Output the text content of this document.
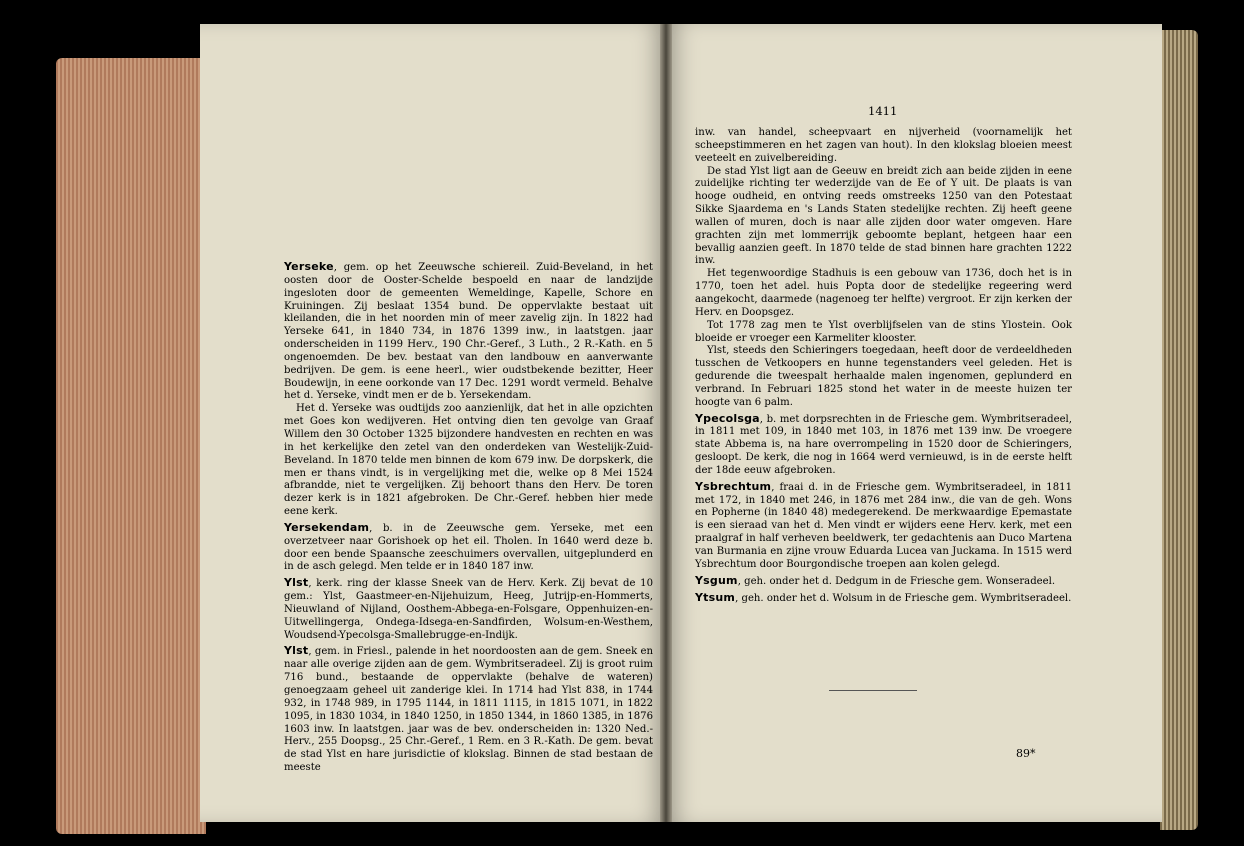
1411

Yerseke, gem. op het Zeeuwsche schiereil. Zuid-Beveland, in het oosten door de Ooster-Schelde bespoeld en naar de landzijde ingesloten door de gemeenten Wemeldinge, Kapelle, Schore en Kruiningen. Zij beslaat 1354 bund. De oppervlakte bestaat uit kleilanden, die in het noorden min of meer zavelig zijn. In 1822 had Yerseke 641, in 1840 734, in 1876 1399 inw., in laatstgen. jaar onderscheiden in 1199 Herv., 190 Chr.-Geref., 3 Luth., 2 R.-Kath. en 5 ongenoemden. De bev. bestaat van den landbouw en aanverwante bedrijven. De gem. is eene heerl., wier oudstbekende bezitter, Heer Boudewijn, in eene oorkonde van 17 Dec. 1291 wordt vermeld. Behalve het d. Yerseke, vindt men er de b. Yersekendam.

Het d. Yerseke was oudtijds zoo aanzienlijk, dat het in alle opzichten met Goes kon wedijveren. Het ontving dien ten gevolge van Graaf Willem den 30 October 1325 bijzondere handvesten en rechten en was in het kerkelijke den zetel van den onderdeken van Westelijk-Zuid-Beveland. In 1870 telde men binnen de kom 679 inw. De dorpskerk, die men er thans vindt, is in vergelijking met die, welke op 8 Mei 1524 afbrandde, niet te vergelijken. Zij behoort thans den Herv. De toren dezer kerk is in 1821 afgebroken. De Chr.-Geref. hebben hier mede eene kerk.

Yersekendam, b. in de Zeeuwsche gem. Yerseke, met een overzetveer naar Gorishoek op het eil. Tholen. In 1640 werd deze b. door een bende Spaansche zeeschuimers overvallen, uitgeplunderd en in de asch gelegd. Men telde er in 1840 187 inw.

Ylst, kerk. ring der klasse Sneek van de Herv. Kerk. Zij bevat de 10 gem.: Ylst, Gaastmeer-en-Nijehuizum, Heeg, Jutrijp-en-Hommerts, Nieuwland of Nijland, Oosthem-Abbega-en-Folsgare, Oppenhuizen-en-Uitwellingerga, Ondega-Idsega-en-Sandfirden, Wolsum-en-Westhem, Woudsend-Ypecolsga-Smallebrugge-en-Indijk.

Ylst, gem. in Friesl., palende in het noordoosten aan de gem. Sneek en naar alle overige zijden aan de gem. Wymbritseradeel. Zij is groot ruim 716 bund., bestaande de oppervlakte (behalve de wateren) genoegzaam geheel uit zanderige klei. In 1714 had Ylst 838, in 1744 932, in 1748 989, in 1795 1144, in 1811 1115, in 1815 1071, in 1822 1095, in 1830 1034, in 1840 1250, in 1850 1344, in 1860 1385, in 1876 1603 inw. In laatstgen. jaar was de bev. onderscheiden in: 1320 Ned.-Herv., 255 Doopsg., 25 Chr.-Geref., 1 Rem. en 3 R.-Kath. De gem. bevat de stad Ylst en hare jurisdictie of klokslag. Binnen de stad bestaan de meeste

inw. van handel, scheepvaart en nijverheid (voornamelijk het scheepstimmeren en het zagen van hout). In den klokslag bloeien meest veeteelt en zuivelbereiding.

De stad Ylst ligt aan de Geeuw en breidt zich aan beide zijden in eene zuidelijke richting ter wederzijde van de Ee of Y uit. De plaats is van hooge oudheid, en ontving reeds omstreeks 1250 van den Potestaat Sikke Sjaardema en 's Lands Staten stedelijke rechten. Zij heeft geene wallen of muren, doch is naar alle zijden door water omgeven. Hare grachten zijn met lommerrijk geboomte beplant, hetgeen haar een bevallig aanzien geeft. In 1870 telde de stad binnen hare grachten 1222 inw.

Het tegenwoordige Stadhuis is een gebouw van 1736, doch het is in 1770, toen het adel. huis Popta door de stedelijke regeering werd aangekocht, daarmede (nagenoeg ter helfte) vergroot. Er zijn kerken der Herv. en Doopsgez.

Tot 1778 zag men te Ylst overblijfselen van de stins Ylostein. Ook bloeide er vroeger een Karmeliter klooster.

Ylst, steeds den Schieringers toegedaan, heeft door de verdeeldheden tusschen de Vetkoopers en hunne tegenstanders veel geleden. Het is gedurende die tweespalt herhaalde malen ingenomen, geplunderd en verbrand. In Februari 1825 stond het water in de meeste huizen ter hoogte van 6 palm.

Ypecolsga, b. met dorpsrechten in de Friesche gem. Wymbritseradeel, in 1811 met 109, in 1840 met 103, in 1876 met 139 inw. De vroegere state Abbema is, na hare overrompeling in 1520 door de Schieringers, gesloopt. De kerk, die nog in 1664 werd vernieuwd, is in de eerste helft der 18de eeuw afgebroken.

Ysbrechtum, fraai d. in de Friesche gem. Wymbritseradeel, in 1811 met 172, in 1840 met 246, in 1876 met 284 inw., die van de geh. Wons en Popherne (in 1840 48) medegerekend. De merkwaardige Epemastate is een sieraad van het d. Men vindt er wijders eene Herv. kerk, met een praalgraf in half verheven beeldwerk, ter gedachtenis aan Duco Martena van Burmania en zijne vrouw Eduarda Lucea van Juckama. In 1515 werd Ysbrechtum door Bourgondische troepen aan kolen gelegd.

Ysgum, geh. onder het d. Dedgum in de Friesche gem. Wonseradeel.

Ytsum, geh. onder het d. Wolsum in de Friesche gem. Wymbritseradeel.

89*
